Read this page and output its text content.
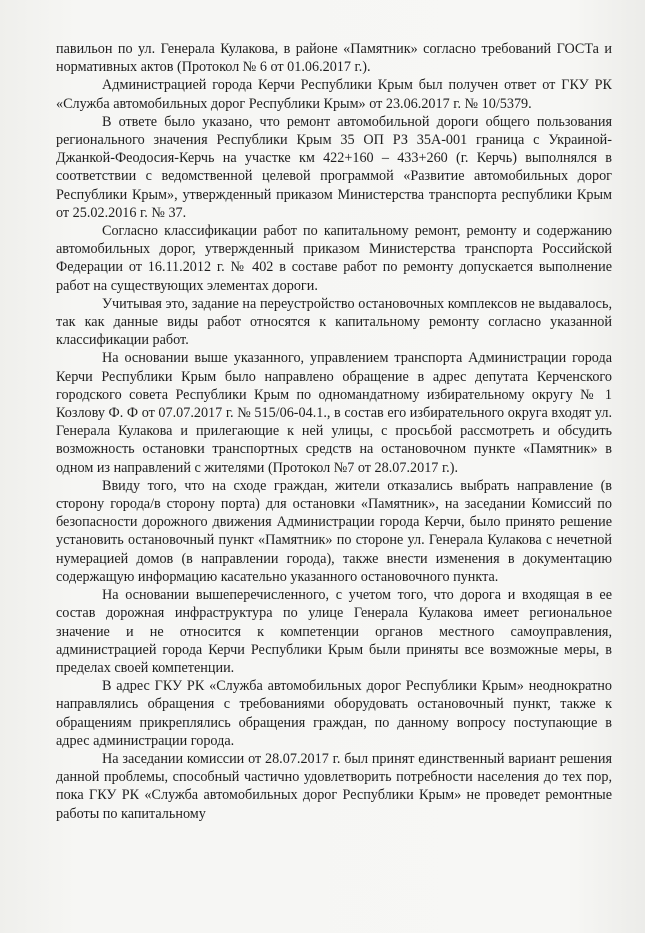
павильон по ул. Генерала Кулакова, в районе «Памятник» согласно требований ГОСТа и нормативных актов (Протокол № 6 от 01.06.2017 г.).

Администрацией города Керчи Республики Крым был получен ответ от ГКУ РК «Служба автомобильных дорог Республики Крым» от 23.06.2017 г. № 10/5379.

В ответе было указано, что ремонт автомобильной дороги общего пользования регионального значения Республики Крым 35 ОП РЗ 35А-001 граница с Украиной-Джанкой-Феодосия-Керчь на участке км 422+160 – 433+260 (г. Керчь) выполнялся в соответствии с ведомственной целевой программой «Развитие автомобильных дорог Республики Крым», утвержденный приказом Министерства транспорта республики Крым от 25.02.2016 г. № 37.

Согласно классификации работ по капитальному ремонт, ремонту и содержанию автомобильных дорог, утвержденный приказом Министерства транспорта Российской Федерации от 16.11.2012 г. № 402 в составе работ по ремонту допускается выполнение работ на существующих элементах дороги.

Учитывая это, задание на переустройство остановочных комплексов не выдавалось, так как данные виды работ относятся к капитальному ремонту согласно указанной классификации работ.

На основании выше указанного, управлением транспорта Администрации города Керчи Республики Крым было направлено обращение в адрес депутата Керченского городского совета Республики Крым по одномандатному избирательному округу № 1 Козлову Ф. Ф от 07.07.2017 г. № 515/06-04.1., в состав его избирательного округа входят ул. Генерала Кулакова и прилегающие к ней улицы, с просьбой рассмотреть и обсудить возможность остановки транспортных средств на остановочном пункте «Памятник» в одном из направлений с жителями (Протокол №7 от 28.07.2017 г.).

Ввиду того, что на сходе граждан, жители отказались выбрать направление (в сторону города/в сторону порта) для остановки «Памятник», на заседании Комиссий по безопасности дорожного движения Администрации города Керчи, было принято решение установить остановочный пункт «Памятник» по стороне ул. Генерала Кулакова с нечетной нумерацией домов (в направлении города), также внести изменения в документацию содержащую информацию касательно указанного остановочного пункта.

На основании вышеперечисленного, с учетом того, что дорога и входящая в ее состав дорожная инфраструктура по улице Генерала Кулакова имеет региональное значение и не относится к компетенции органов местного самоуправления, администрацией города Керчи Республики Крым были приняты все возможные меры, в пределах своей компетенции.

В адрес ГКУ РК «Служба автомобильных дорог Республики Крым» неоднократно направлялись обращения с требованиями оборудовать остановочный пункт, также к обращениям прикреплялись обращения граждан, по данному вопросу поступающие в адрес администрации города.

На заседании комиссии от 28.07.2017 г. был принят единственный вариант решения данной проблемы, способный частично удовлетворить потребности населения до тех пор, пока ГКУ РК «Служба автомобильных дорог Республики Крым» не проведет ремонтные работы по капитальному
